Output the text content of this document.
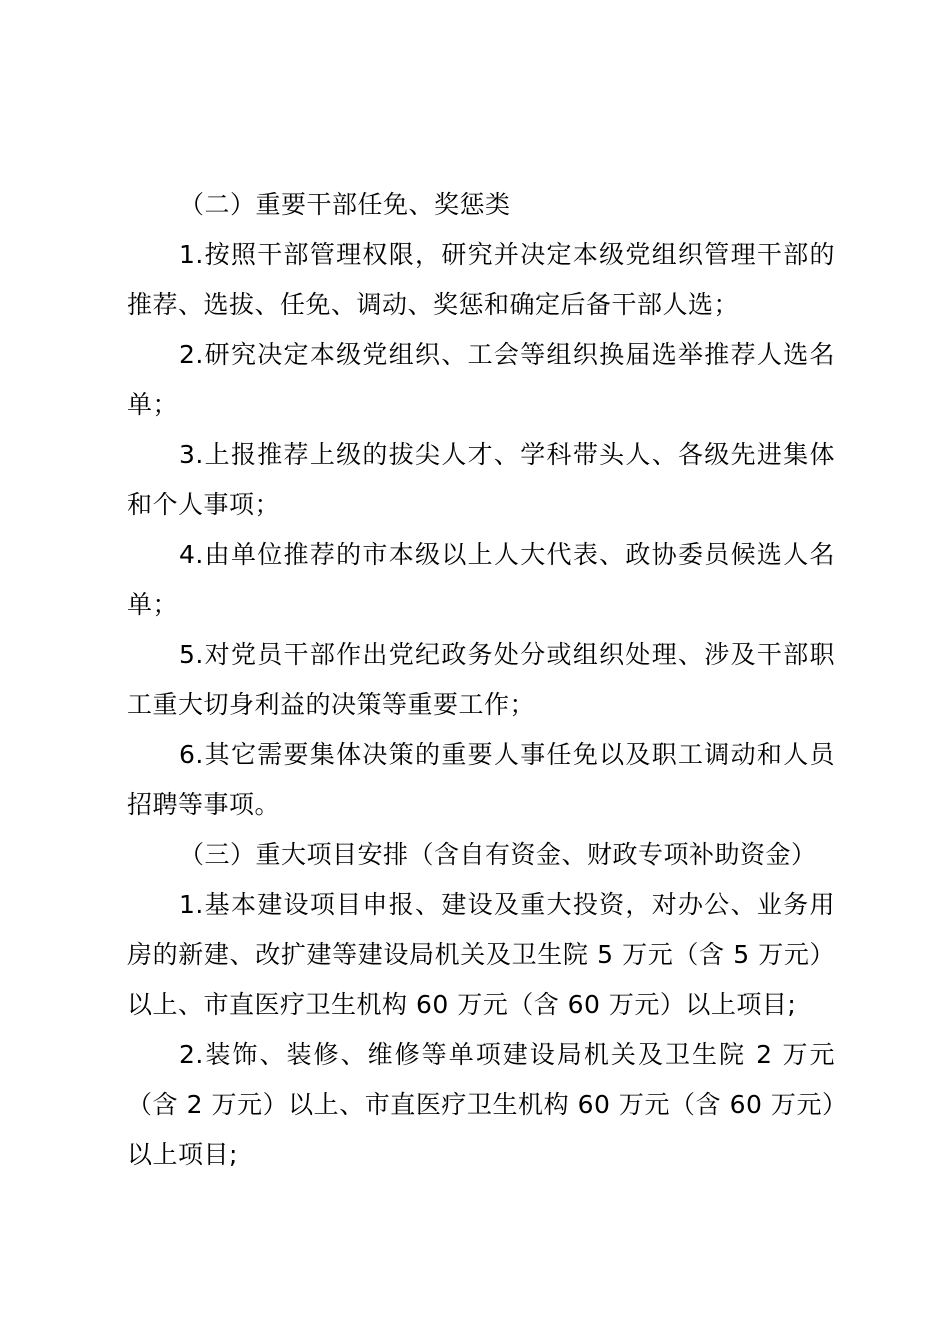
（二）重要干部任免、奖惩类

1.按照干部管理权限，研究并决定本级党组织管理干部的推荐、选拔、任免、调动、奖惩和确定后备干部人选；

2.研究决定本级党组织、工会等组织换届选举推荐人选名单；

3.上报推荐上级的拔尖人才、学科带头人、各级先进集体和个人事项；

4.由单位推荐的市本级以上人大代表、政协委员候选人名单；

5.对党员干部作出党纪政务处分或组织处理、涉及干部职工重大切身利益的决策等重要工作；

6.其它需要集体决策的重要人事任免以及职工调动和人员招聘等事项。

（三）重大项目安排（含自有资金、财政专项补助资金）

1.基本建设项目申报、建设及重大投资，对办公、业务用房的新建、改扩建等建设局机关及卫生院 5 万元（含 5 万元）以上、市直医疗卫生机构 60 万元（含 60 万元）以上项目;

2.装饰、装修、维修等单项建设局机关及卫生院 2 万元（含 2 万元）以上、市直医疗卫生机构 60 万元（含 60 万元）以上项目;
